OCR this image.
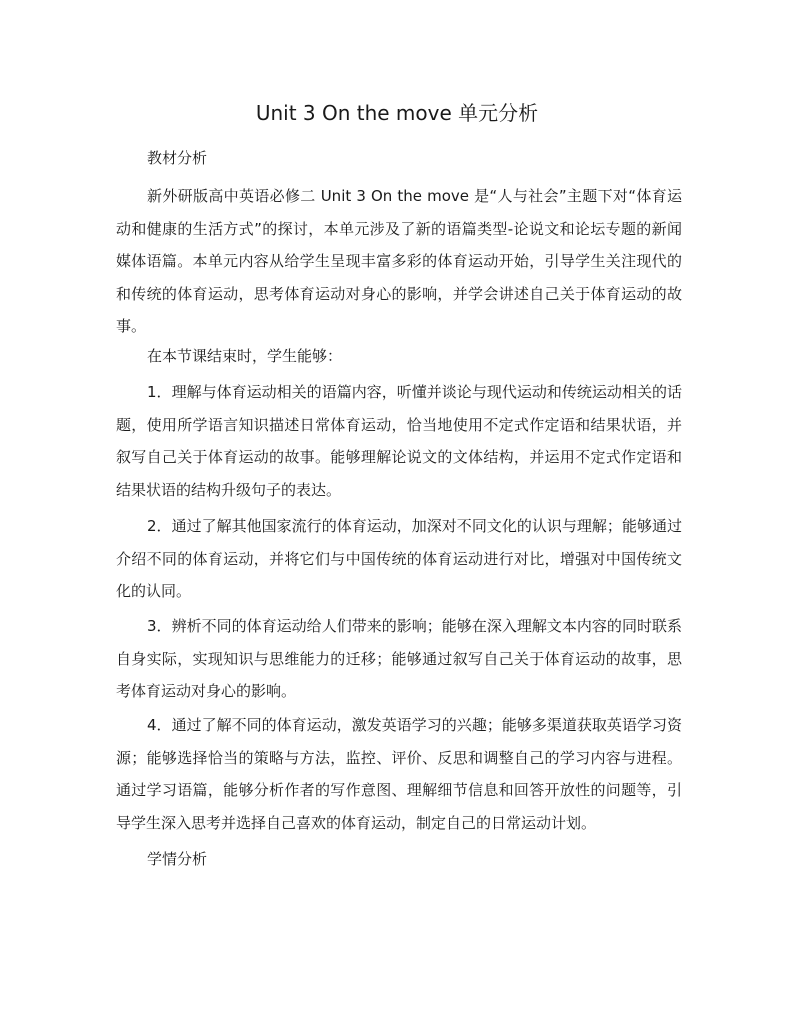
Unit 3 On the move 单元分析

教材分析

新外研版高中英语必修二 Unit 3 On the move 是“人与社会”主题下对“体育运动和健康的生活方式”的探讨，本单元涉及了新的语篇类型-论说文和论坛专题的新闻媒体语篇。本单元内容从给学生呈现丰富多彩的体育运动开始，引导学生关注现代的和传统的体育运动，思考体育运动对身心的影响，并学会讲述自己关于体育运动的故事。

在本节课结束时，学生能够：

1．理解与体育运动相关的语篇内容，听懂并谈论与现代运动和传统运动相关的话题，使用所学语言知识描述日常体育运动，恰当地使用不定式作定语和结果状语，并叙写自己关于体育运动的故事。能够理解论说文的文体结构，并运用不定式作定语和结果状语的结构升级句子的表达。

2．通过了解其他国家流行的体育运动，加深对不同文化的认识与理解；能够通过介绍不同的体育运动，并将它们与中国传统的体育运动进行对比，增强对中国传统文化的认同。

3．辨析不同的体育运动给人们带来的影响；能够在深入理解文本内容的同时联系自身实际，实现知识与思维能力的迁移；能够通过叙写自己关于体育运动的故事，思考体育运动对身心的影响。

4．通过了解不同的体育运动，激发英语学习的兴趣；能够多渠道获取英语学习资源；能够选择恰当的策略与方法，监控、评价、反思和调整自己的学习内容与进程。通过学习语篇，能够分析作者的写作意图、理解细节信息和回答开放性的问题等，引导学生深入思考并选择自己喜欢的体育运动，制定自己的日常运动计划。

学情分析
